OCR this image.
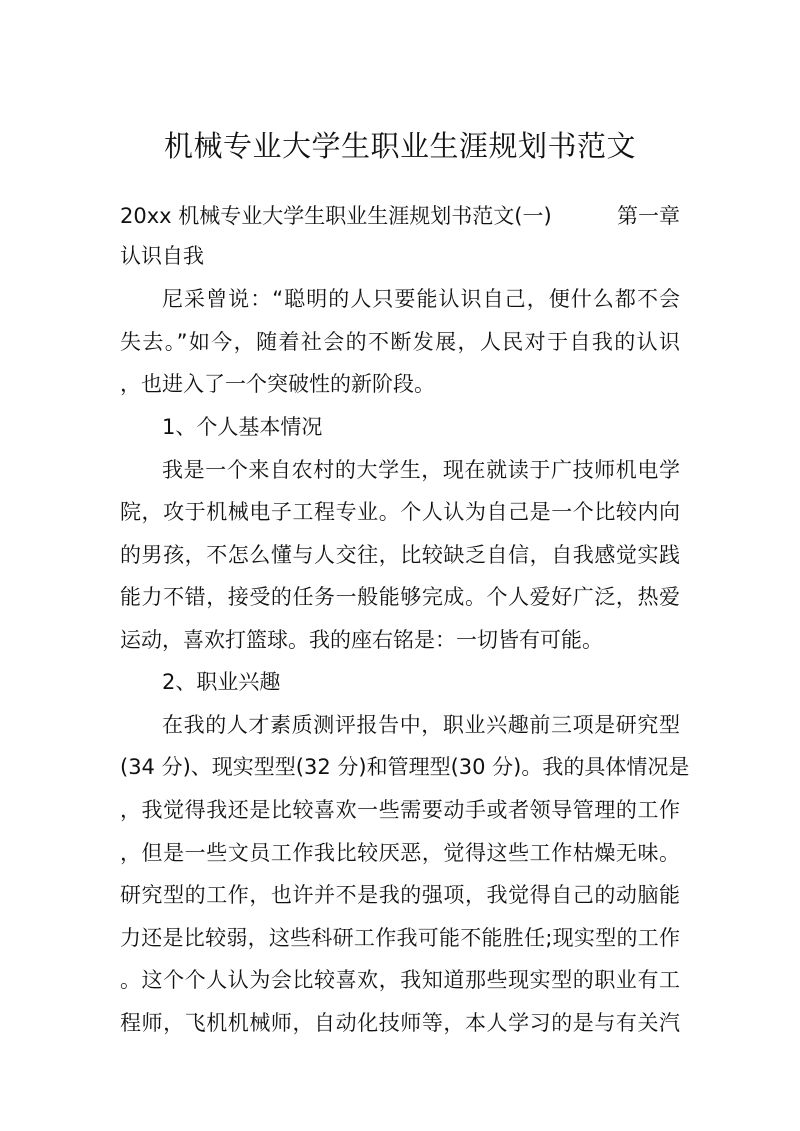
机械专业大学生职业生涯规划书范文
20xx 机械专业大学生职业生涯规划书范文(一)	第一章
认识自我
尼采曾说：“聪明的人只要能认识自己，便什么都不会
失去。”如今，随着社会的不断发展，人民对于自我的认识
，也进入了一个突破性的新阶段。
1、个人基本情况
我是一个来自农村的大学生，现在就读于广技师机电学
院，攻于机械电子工程专业。个人认为自己是一个比较内向
的男孩，不怎么懂与人交往，比较缺乏自信，自我感觉实践
能力不错，接受的任务一般能够完成。个人爱好广泛，热爱
运动，喜欢打篮球。我的座右铭是：一切皆有可能。
2、职业兴趣
在我的人才素质测评报告中，职业兴趣前三项是研究型
(34 分)、现实型型(32 分)和管理型(30 分)。我的具体情况是
，我觉得我还是比较喜欢一些需要动手或者领导管理的工作
，但是一些文员工作我比较厌恶，觉得这些工作枯燥无味。
研究型的工作，也许并不是我的强项，我觉得自己的动脑能
力还是比较弱，这些科研工作我可能不能胜任;现实型的工作
。这个个人认为会比较喜欢，我知道那些现实型的职业有工
程师，飞机机械师，自动化技师等，本人学习的是与有关汽
